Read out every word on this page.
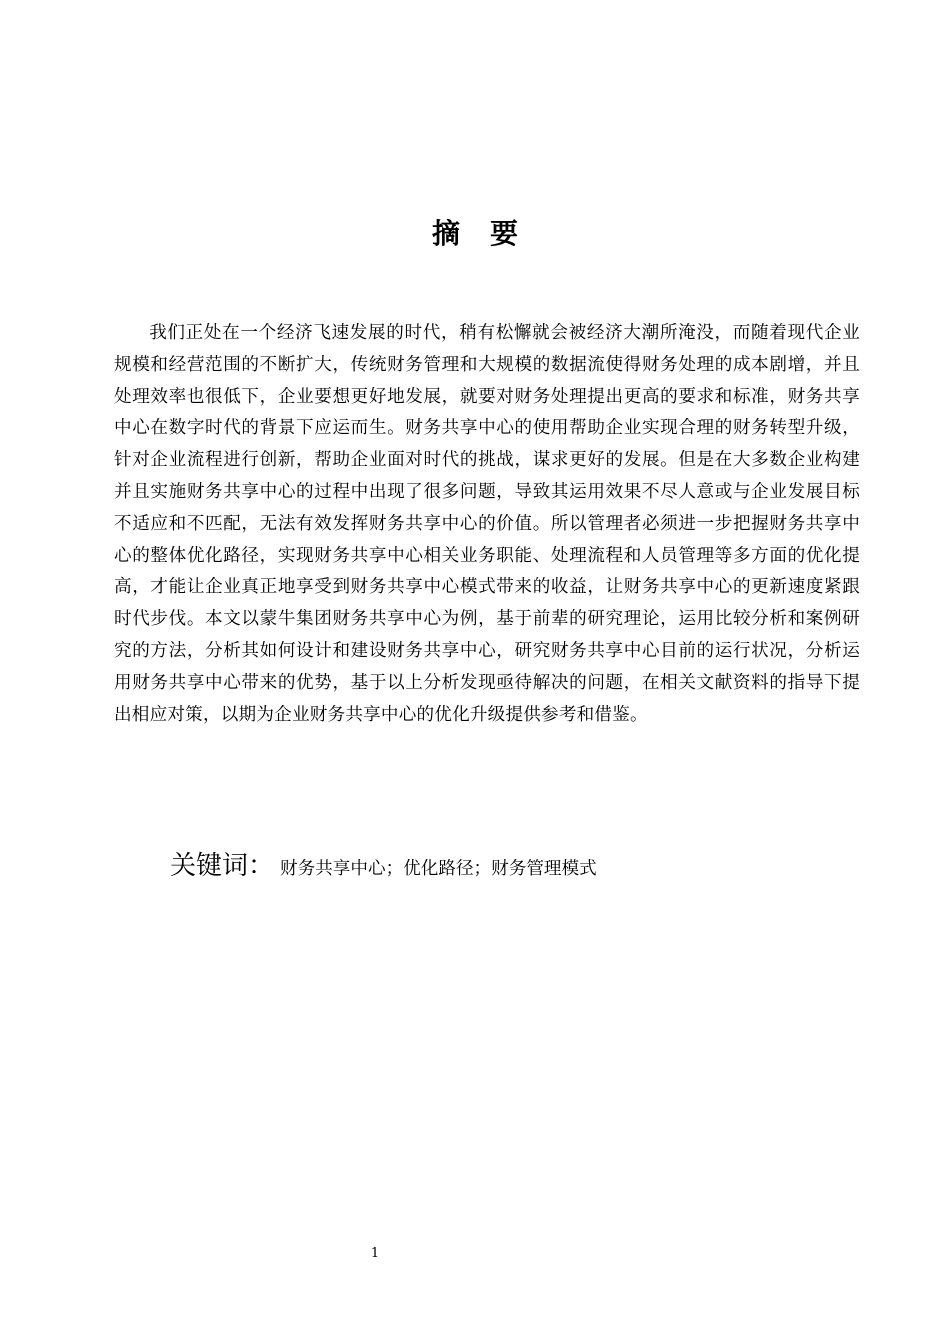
摘 要

我们正处在一个经济飞速发展的时代，稍有松懈就会被经济大潮所淹没，而随着现代企业规模和经营范围的不断扩大，传统财务管理和大规模的数据流使得财务处理的成本剧增，并且处理效率也很低下，企业要想更好地发展，就要对财务处理提出更高的要求和标准，财务共享中心在数字时代的背景下应运而生。财务共享中心的使用帮助企业实现合理的财务转型升级，针对企业流程进行创新，帮助企业面对时代的挑战，谋求更好的发展。但是在大多数企业构建并且实施财务共享中心的过程中出现了很多问题，导致其运用效果不尽人意或与企业发展目标不适应和不匹配，无法有效发挥财务共享中心的价值。所以管理者必须进一步把握财务共享中心的整体优化路径，实现财务共享中心相关业务职能、处理流程和人员管理等多方面的优化提高，才能让企业真正地享受到财务共享中心模式带来的收益，让财务共享中心的更新速度紧跟时代步伐。本文以蒙牛集团财务共享中心为例，基于前辈的研究理论，运用比较分析和案例研究的方法，分析其如何设计和建设财务共享中心，研究财务共享中心目前的运行状况，分析运用财务共享中心带来的优势，基于以上分析发现亟待解决的问题，在相关文献资料的指导下提出相应对策，以期为企业财务共享中心的优化升级提供参考和借鉴。

关键词： 财务共享中心；优化路径；财务管理模式
1
